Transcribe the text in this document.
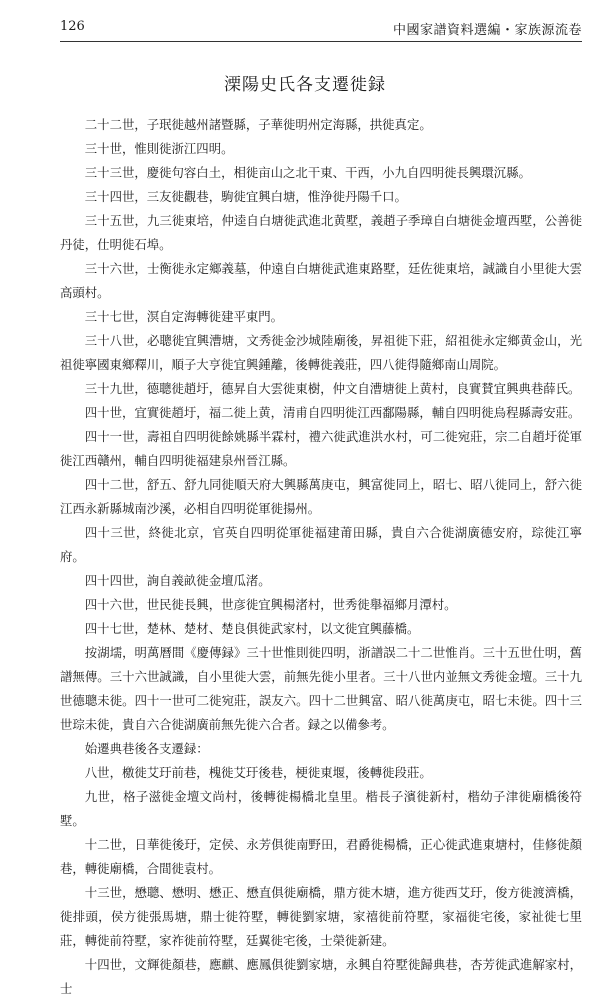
126	中國家譜資料選編・家族源流卷
溧陽史氏各支遷徙録

二十二世，子珉徙越州諸暨縣，子華徙明州定海縣，拱徙真定。

三十世，惟則徙浙江四明。

三十三世，慶徙句容白土，相徙亩山之北干東、干西，小九自四明徙長興環沉縣。

三十四世，三友徙觀巷，駒徙宜興白塘，惟浄徙丹陽千口。

三十五世，九三徙東培，仲逵自白塘徙武進北黄墅，義趙子季璋自白塘徙金壇西墅，公善徙丹徒，仕明徙石埠。

三十六世，士衡徙永定鄉義墓，仲遠自白塘徙武進東路墅，廷佐徙東培，誠識自小里徙大雲高頭村。

三十七世，溟自定海轉徙建平東門。

三十八世，必聰徙宜興漕塘，文秀徙金沙城陸廟後，昇祖徙下莊，紹祖徙永定鄉黄金山，光祖徙寧國東鄉釋川，順子大亨徙宜興鍾離，後轉徙義莊，四八徙得隨鄉南山周院。

三十九世，德聰徙趙圩，德昇自大雲徙東樹，仲文自漕塘徙上黄村，良實賛宜興典巷薛氏。

四十世，宜實徙趙圩，福二徙上黄，清甫自四明徙江西鄱陽縣，輔自四明徙烏程縣壽安莊。

四十一世，壽祖自四明徙餘姚縣半霖村，禮六徙武進洪水村，可二徙宛莊，宗二自趙圩從軍徙江西贛州，輔自四明徙福建泉州晉江縣。

四十二世，舒五、舒九同徙順天府大興縣萬庚屯，興富徙同上，昭七、昭八徙同上，舒六徙江西永新縣城南沙溪，必相自四明從軍徙揚州。

四十三世，終徙北京，官英自四明從軍徙福建莆田縣，貴自六合徙湖廣德安府，琮徙江寧府。

四十四世，詢自義畝徙金壇瓜渚。

四十六世，世民徙長興，世彦徙宜興楊渚村，世秀徙舉福鄉月潭村。

四十七世，楚林、楚材、楚良俱徙武家村，以文徙宜興藤橋。

按湖壖，明萬曆間《慶傳録》三十世惟則徙四明，浙譜誤二十二世惟肖。三十五世仕明，舊譜無傳。三十六世誠識，自小里徙大雲，前無先徙小里者。三十八世内並無文秀徙金壇。三十九世德聰未徙。四十一世可二徙宛莊，誤友六。四十二世興富、昭八徙萬庚屯，昭七未徙。四十三世琮未徙，貴自六合徙湖廣前無先徙六合者。録之以備參考。

始遷典巷後各支遷録：

八世，檄徙艾玗前巷，槐徙艾玗後巷，梗徙東堰，後轉徙段莊。

九世，格子滋徙金壇文尚村，後轉徙楊橋北皇里。楷長子濱徙新村，楷幼子津徙廟橋後符墅。

十二世，日華徙後玗，定侯、永芳俱徙南野田，君爵徙楊橋，正心徙武進東塘村，佳修徙顏巷，轉徙廟橋，合間徙袁村。

十三世，懋聰、懋明、懋正、懋直俱徙廟橋，鼎方徙木塘，進方徙西艾玗，俊方徙渡濟橋，徙排頭，侯方徙張馬塘，鼎士徙符墅，轉徙劉家塘，家禧徙前符墅，家福徙宅後，家祉徙七里莊，轉徙前符墅，家祚徙前符墅，廷翼徙宅後，士榮徙新建。

十四世，文輝徙顏巷，應麒、應鳳俱徙劉家塘，永興自符墅徙歸典巷，杏芳徙武進解家村，士
